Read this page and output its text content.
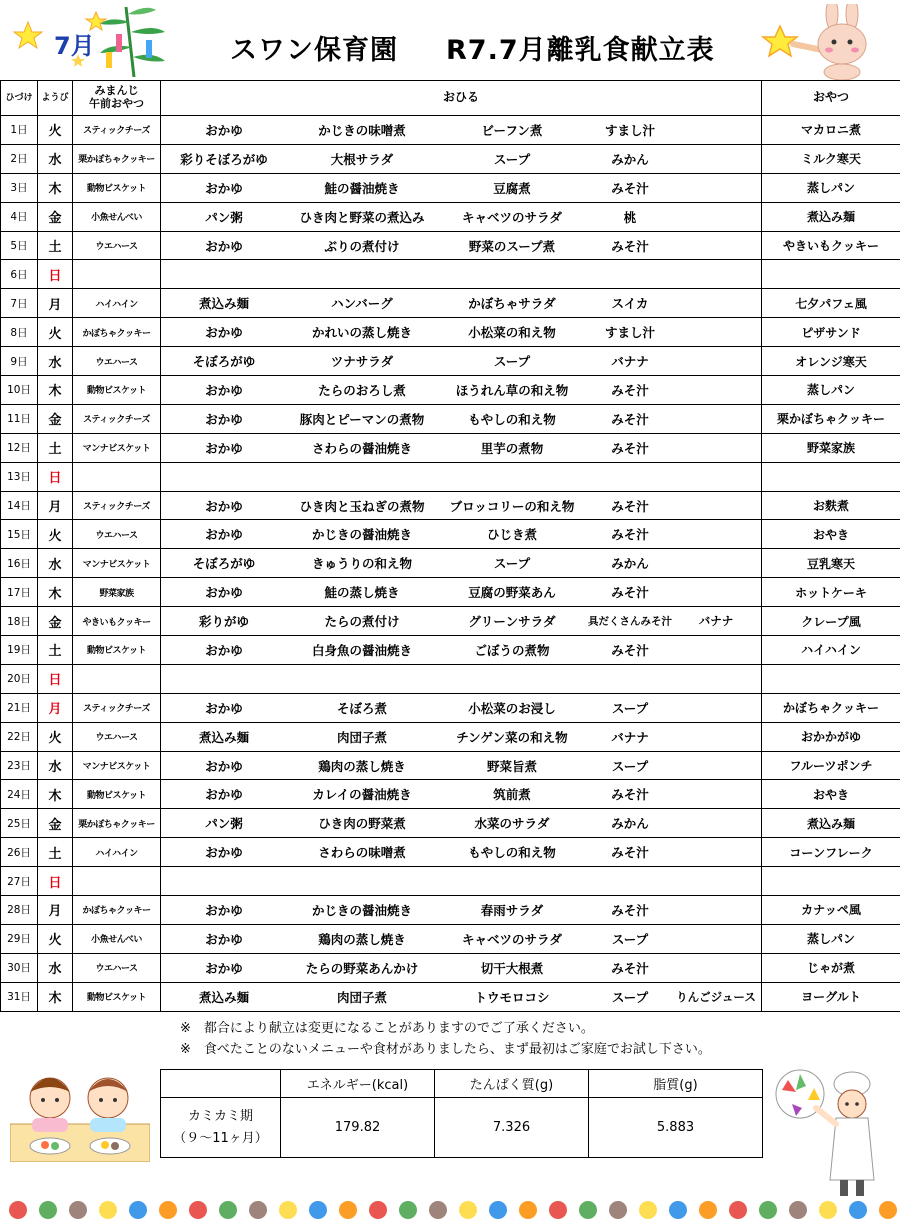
7月	スワン保育園 R7.7月離乳食献立表
ひづけ	ようび	みまんじ
午前おやつ	おひる	おやつ
1日	火	スティックチーズ	おかゆ かじきの味噌煮 ビーフン煮 すまし汁	マカロニ煮
2日	水	栗かぼちゃクッキー	彩りそぼろがゆ 大根サラダ スープ みかん	ミルク寒天
3日	木	動物ビスケット	おかゆ 鮭の醤油焼き 豆腐煮 みそ汁	蒸しパン
4日	金	小魚せんべい	パン粥 ひき肉と野菜の煮込み キャベツのサラダ 桃	煮込み麺
5日	土	ウエハース	おかゆ ぶりの煮付け 野菜のスープ煮 みそ汁	やきいもクッキー
6日	日			
7日	月	ハイハイン	煮込み麺 ハンバーグ かぼちゃサラダ スイカ	七夕パフェ風
8日	火	かぼちゃクッキー	おかゆ かれいの蒸し焼き 小松菜の和え物 すまし汁	ピザサンド
9日	水	ウエハース	そぼろがゆ ツナサラダ スープ バナナ	オレンジ寒天
10日	木	動物ビスケット	おかゆ たらのおろし煮 ほうれん草の和え物 みそ汁	蒸しパン
11日	金	スティックチーズ	おかゆ 豚肉とピーマンの煮物 もやしの和え物 みそ汁	栗かぼちゃクッキー
12日	土	マンナビスケット	おかゆ さわらの醤油焼き 里芋の煮物 みそ汁	野菜家族
13日	日			
14日	月	スティックチーズ	おかゆ ひき肉と玉ねぎの煮物 ブロッコリーの和え物 みそ汁	お麩煮
15日	火	ウエハース	おかゆ かじきの醤油焼き ひじき煮 みそ汁	おやき
16日	水	マンナビスケット	そぼろがゆ きゅうりの和え物 スープ みかん	豆乳寒天
17日	木	野菜家族	おかゆ 鮭の蒸し焼き 豆腐の野菜あん みそ汁	ホットケーキ
18日	金	やきいもクッキー	彩りがゆ たらの煮付け グリーンサラダ 具だくさんみそ汁 バナナ	クレープ風
19日	土	動物ビスケット	おかゆ 白身魚の醤油焼き ごぼうの煮物 みそ汁	ハイハイン
20日	日			
21日	月	スティックチーズ	おかゆ そぼろ煮 小松菜のお浸し スープ	かぼちゃクッキー
22日	火	ウエハース	煮込み麺 肉団子煮 チンゲン菜の和え物 バナナ	おかかがゆ
23日	水	マンナビスケット	おかゆ 鶏肉の蒸し焼き 野菜旨煮 スープ	フルーツポンチ
24日	木	動物ビスケット	おかゆ カレイの醤油焼き 筑前煮 みそ汁	おやき
25日	金	栗かぼちゃクッキー	パン粥 ひき肉の野菜煮 水菜のサラダ みかん	煮込み麺
26日	土	ハイハイン	おかゆ さわらの味噌煮 もやしの和え物 みそ汁	コーンフレーク
27日	日			
28日	月	かぼちゃクッキー	おかゆ かじきの醤油焼き 春雨サラダ みそ汁	カナッペ風
29日	火	小魚せんべい	おかゆ 鶏肉の蒸し焼き キャベツのサラダ スープ	蒸しパン
30日	水	ウエハース	おかゆ たらの野菜あんかけ 切干大根煮 みそ汁	じゃが煮
31日	木	動物ビスケット	煮込み麺 肉団子煮 トウモロコシ スープ りんごジュース	ヨーグルト
※　都合により献立は変更になることがありますのでご了承ください。
※　食べたことのないメニューや食材がありましたら、まず最初はご家庭でお試し下さい。
	エネルギー(kcal)	たんぱく質(g)	脂質(g)

カミカミ期
（９～11ヶ月）	179.82	7.326	5.883
